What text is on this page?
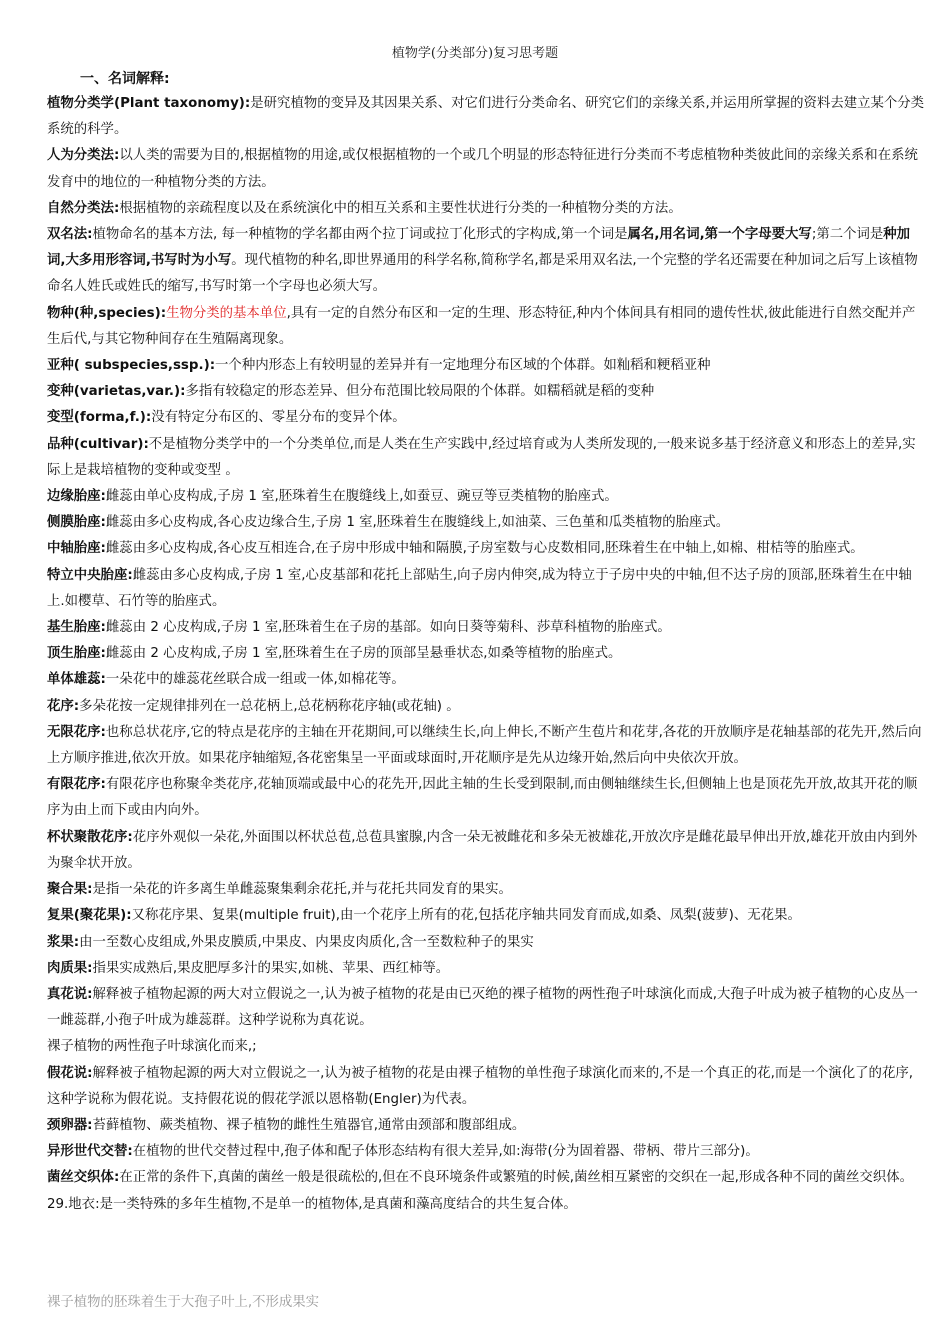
植物学(分类部分)复习思考题
一、名词解释:

植物分类学(Plant taxonomy):是研究植物的变异及其因果关系、对它们进行分类命名、研究它们的亲缘关系,并运用所掌握的资料去建立某个分类系统的科学。

人为分类法:以人类的需要为目的,根据植物的用途,或仅根据植物的一个或几个明显的形态特征进行分类而不考虑植物种类彼此间的亲缘关系和在系统发育中的地位的一种植物分类的方法。

自然分类法:根据植物的亲疏程度以及在系统演化中的相互关系和主要性状进行分类的一种植物分类的方法。

双名法:植物命名的基本方法, 每一种植物的学名都由两个拉丁词或拉丁化形式的字构成,第一个词是属名,用名词,第一个字母要大写;第二个词是种加词,大多用形容词,书写时为小写。现代植物的种名,即世界通用的科学名称,简称学名,都是采用双名法,一个完整的学名还需要在种加词之后写上该植物命名人姓氏或姓氏的缩写,书写时第一个字母也必须大写。

物种(种,species):生物分类的基本单位,具有一定的自然分布区和一定的生理、形态特征,种内个体间具有相同的遗传性状,彼此能进行自然交配并产生后代,与其它物种间存在生殖隔离现象。

亚种( subspecies,ssp.):一个种内形态上有较明显的差异并有一定地理分布区域的个体群。如籼稻和粳稻亚种

变种(varietas,var.):多指有较稳定的形态差异、但分布范围比较局限的个体群。如糯稻就是稻的变种

变型(forma,f.):没有特定分布区的、零星分布的变异个体。

品种(cultivar):不是植物分类学中的一个分类单位,而是人类在生产实践中,经过培育或为人类所发现的,一般来说多基于经济意义和形态上的差异,实际上是栽培植物的变种或变型 。

边缘胎座:雌蕊由单心皮构成,子房 1 室,胚珠着生在腹缝线上,如蚕豆、豌豆等豆类植物的胎座式。

侧膜胎座:雌蕊由多心皮构成,各心皮边缘合生,子房 1 室,胚珠着生在腹缝线上,如油菜、三色堇和瓜类植物的胎座式。

中轴胎座:雌蕊由多心皮构成,各心皮互相连合,在子房中形成中轴和隔膜,子房室数与心皮数相同,胚珠着生在中轴上,如棉、柑桔等的胎座式。

特立中央胎座:雌蕊由多心皮构成,子房 1 室,心皮基部和花托上部贴生,向子房内伸突,成为特立于子房中央的中轴,但不达子房的顶部,胚珠着生在中轴上.如樱草、石竹等的胎座式。

基生胎座:雌蕊由 2 心皮构成,子房 1 室,胚珠着生在子房的基部。如向日葵等菊科、莎草科植物的胎座式。

顶生胎座:雌蕊由 2 心皮构成,子房 1 室,胚珠着生在子房的顶部呈悬垂状态,如桑等植物的胎座式。

单体雄蕊:一朵花中的雄蕊花丝联合成一组或一体,如棉花等。

花序:多朵花按一定规律排列在一总花柄上,总花柄称花序轴(或花轴) 。

无限花序:也称总状花序,它的特点是花序的主轴在开花期间,可以继续生长,向上伸长,不断产生苞片和花芽,各花的开放顺序是花轴基部的花先开,然后向上方顺序推进,依次开放。如果花序轴缩短,各花密集呈一平面或球面时,开花顺序是先从边缘开始,然后向中央依次开放。

有限花序:有限花序也称聚伞类花序,花轴顶端或最中心的花先开,因此主轴的生长受到限制,而由侧轴继续生长,但侧轴上也是顶花先开放,故其开花的顺序为由上而下或由内向外。

杯状聚散花序:花序外观似一朵花,外面围以杯状总苞,总苞具蜜腺,内含一朵无被雌花和多朵无被雄花,开放次序是雌花最早伸出开放,雄花开放由内到外为聚伞状开放。

聚合果:是指一朵花的许多离生单雌蕊聚集剩余花托,并与花托共同发育的果实。

复果(聚花果):又称花序果、复果(multiple fruit),由一个花序上所有的花,包括花序轴共同发育而成,如桑、凤梨(菠萝)、无花果。

浆果:由一至数心皮组成,外果皮膜质,中果皮、内果皮肉质化,含一至数粒种子的果实

肉质果:指果实成熟后,果皮肥厚多汁的果实,如桃、苹果、西红柿等。

真花说:解释被子植物起源的两大对立假说之一,认为被子植物的花是由已灭绝的裸子植物的两性孢子叶球演化而成,大孢子叶成为被子植物的心皮丛一一雌蕊群,小孢子叶成为雄蕊群。这种学说称为真花说。

裸子植物的两性孢子叶球演化而来,;

假花说:解释被子植物起源的两大对立假说之一,认为被子植物的花是由裸子植物的单性孢子球演化而来的,不是一个真正的花,而是一个演化了的花序,这种学说称为假花说。支持假花说的假花学派以恩格勒(Engler)为代表。

颈卵器:苔藓植物、蕨类植物、裸子植物的雌性生殖器官,通常由颈部和腹部组成。

异形世代交替:在植物的世代交替过程中,孢子体和配子体形态结构有很大差异,如:海带(分为固着器、带柄、带片三部分)。

菌丝交织体:在正常的条件下,真菌的菌丝一般是很疏松的,但在不良环境条件或繁殖的时候,菌丝相互紧密的交织在一起,形成各种不同的菌丝交织体。29.地衣:是一类特殊的多年生植物,不是单一的植物体,是真菌和藻高度结合的共生复合体。

裸子植物的胚珠着生于大孢子叶上,不形成果实
